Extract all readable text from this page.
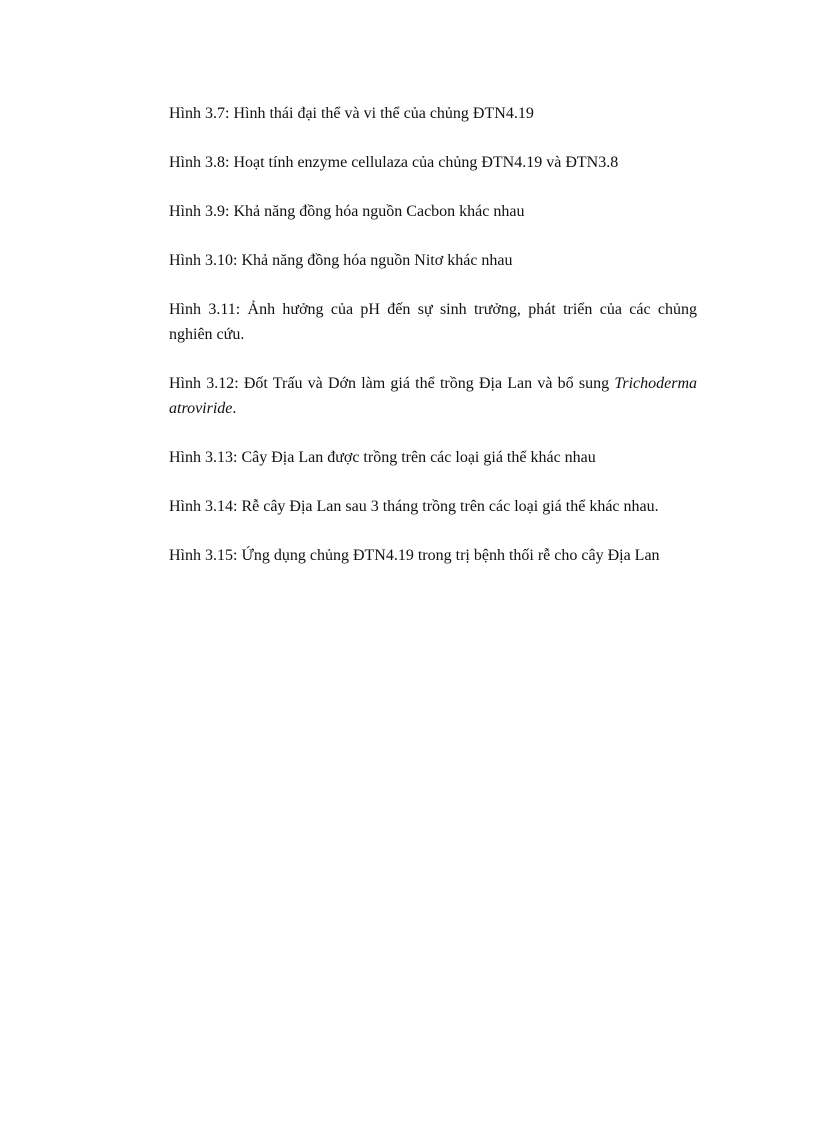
Hình 3.7: Hình thái đại thể và vi thể của chủng ĐTN4.19

Hình 3.8: Hoạt tính enzyme cellulaza của chủng ĐTN4.19 và ĐTN3.8

Hình 3.9: Khả năng đồng hóa nguồn Cacbon khác nhau

Hình 3.10: Khả năng đồng hóa nguồn Nitơ khác nhau

Hình 3.11: Ảnh hưởng của pH đến sự sinh trưởng, phát triển của các chủng nghiên cứu.

Hình 3.12: Đốt Trấu và Dớn làm giá thể trồng Địa Lan và bổ sung Trichoderma atroviride.

Hình 3.13: Cây Địa Lan được trồng trên các loại giá thể khác nhau

Hình 3.14: Rễ cây Địa Lan sau 3 tháng trồng trên các loại giá thể khác nhau.

Hình 3.15: Ứng dụng chủng ĐTN4.19 trong trị bệnh thối rễ cho cây Địa Lan
